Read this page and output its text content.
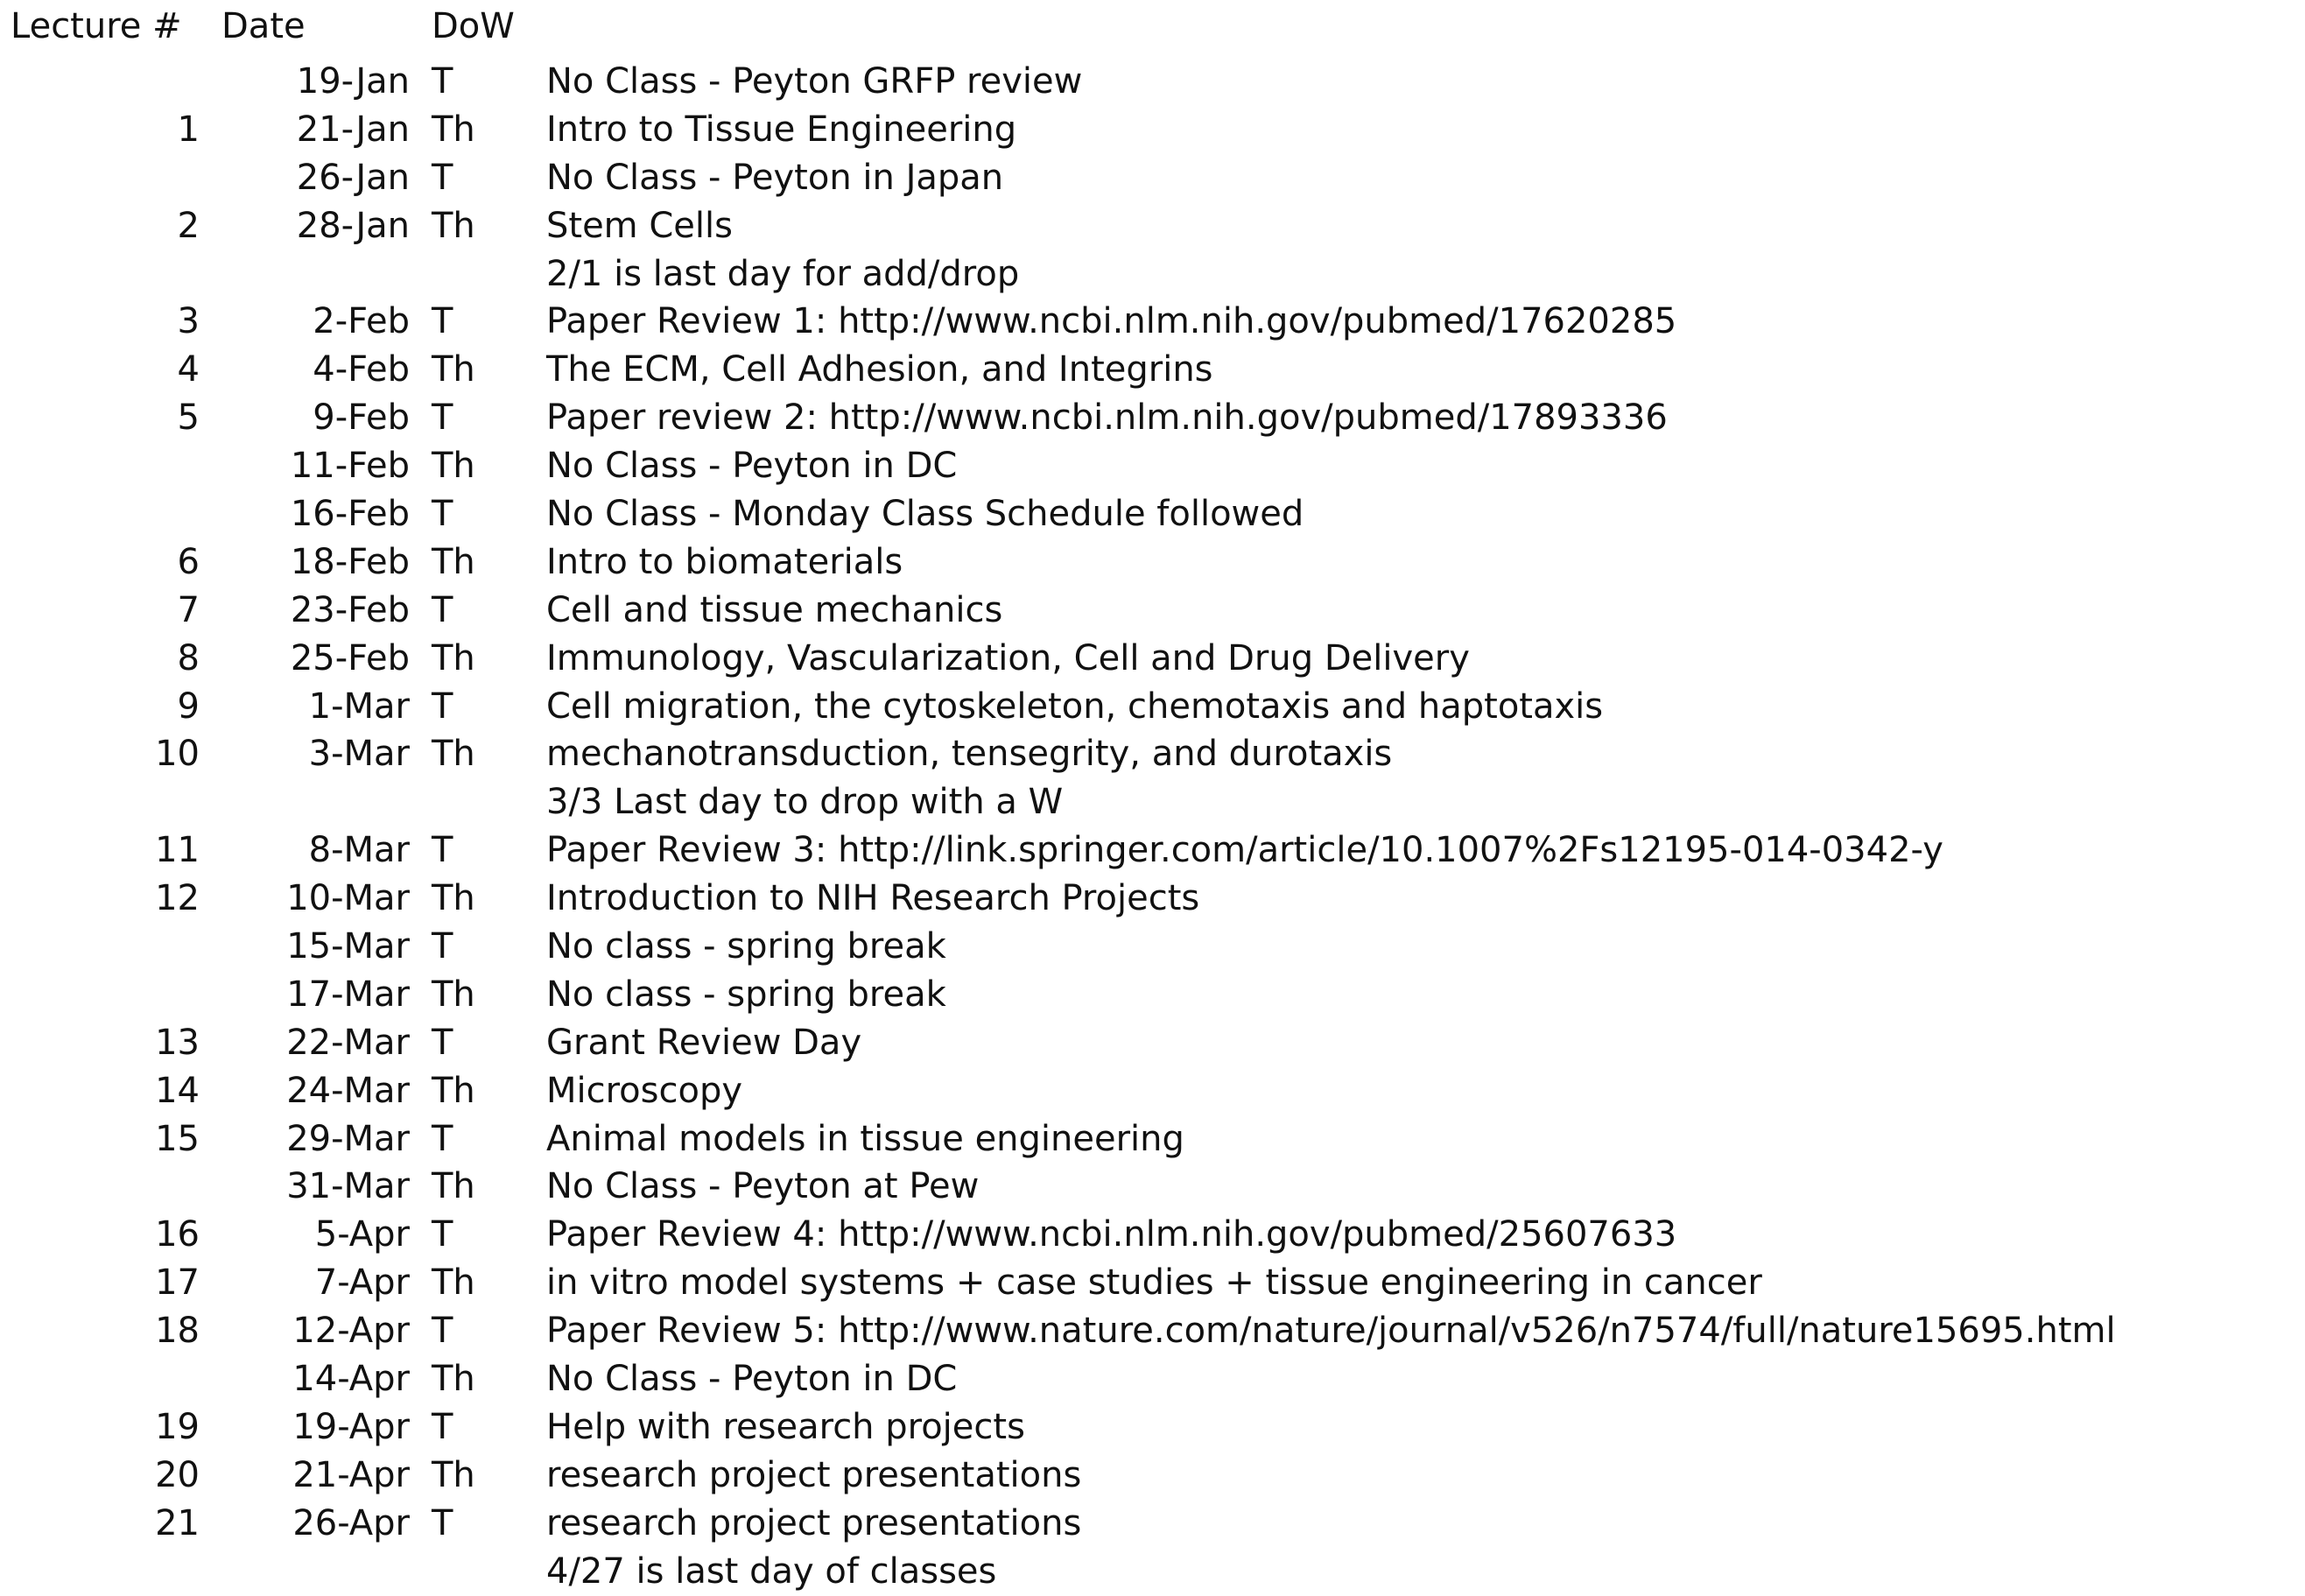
Lecture # Date	DoW
19-Jan T	No Class - Peyton GRFP review
1	21-Jan Th	Intro to Tissue Engineering
26-Jan T	No Class - Peyton in Japan
2	28-Jan Th	Stem Cells
2/1 is last day for add/drop
3	2-Feb T	Paper Review 1: http://www.ncbi.nlm.nih.gov/pubmed/17620285
4	4-Feb Th	The ECM, Cell Adhesion, and Integrins
5	9-Feb T	Paper review 2: http://www.ncbi.nlm.nih.gov/pubmed/17893336
11-Feb Th	No Class - Peyton in DC
16-Feb T	No Class - Monday Class Schedule followed
6	18-Feb Th	Intro to biomaterials
7	23-Feb T	Cell and tissue mechanics
8	25-Feb Th	Immunology, Vascularization, Cell and Drug Delivery
9	1-Mar T	Cell migration, the cytoskeleton, chemotaxis and haptotaxis
10	3-Mar Th	mechanotransduction, tensegrity, and durotaxis
3/3 Last day to drop with a W
11	8-Mar T	Paper Review 3: http://link.springer.com/article/10.1007%2Fs12195-014-0342-y
12	10-Mar Th	Introduction to NIH Research Projects
15-Mar T	No class - spring break
17-Mar Th	No class - spring break
13	22-Mar T	Grant Review Day
14	24-Mar Th	Microscopy
15	29-Mar T	Animal models in tissue engineering
31-Mar Th	No Class - Peyton at Pew
16	5-Apr T	Paper Review 4: http://www.ncbi.nlm.nih.gov/pubmed/25607633
17	7-Apr Th	in vitro model systems + case studies + tissue engineering in cancer
18	12-Apr T	Paper Review 5: http://www.nature.com/nature/journal/v526/n7574/full/nature15695.html
14-Apr Th	No Class - Peyton in DC
19	19-Apr T	Help with research projects
20	21-Apr Th	research project presentations
21	26-Apr T	research project presentations
4/27 is last day of classes
